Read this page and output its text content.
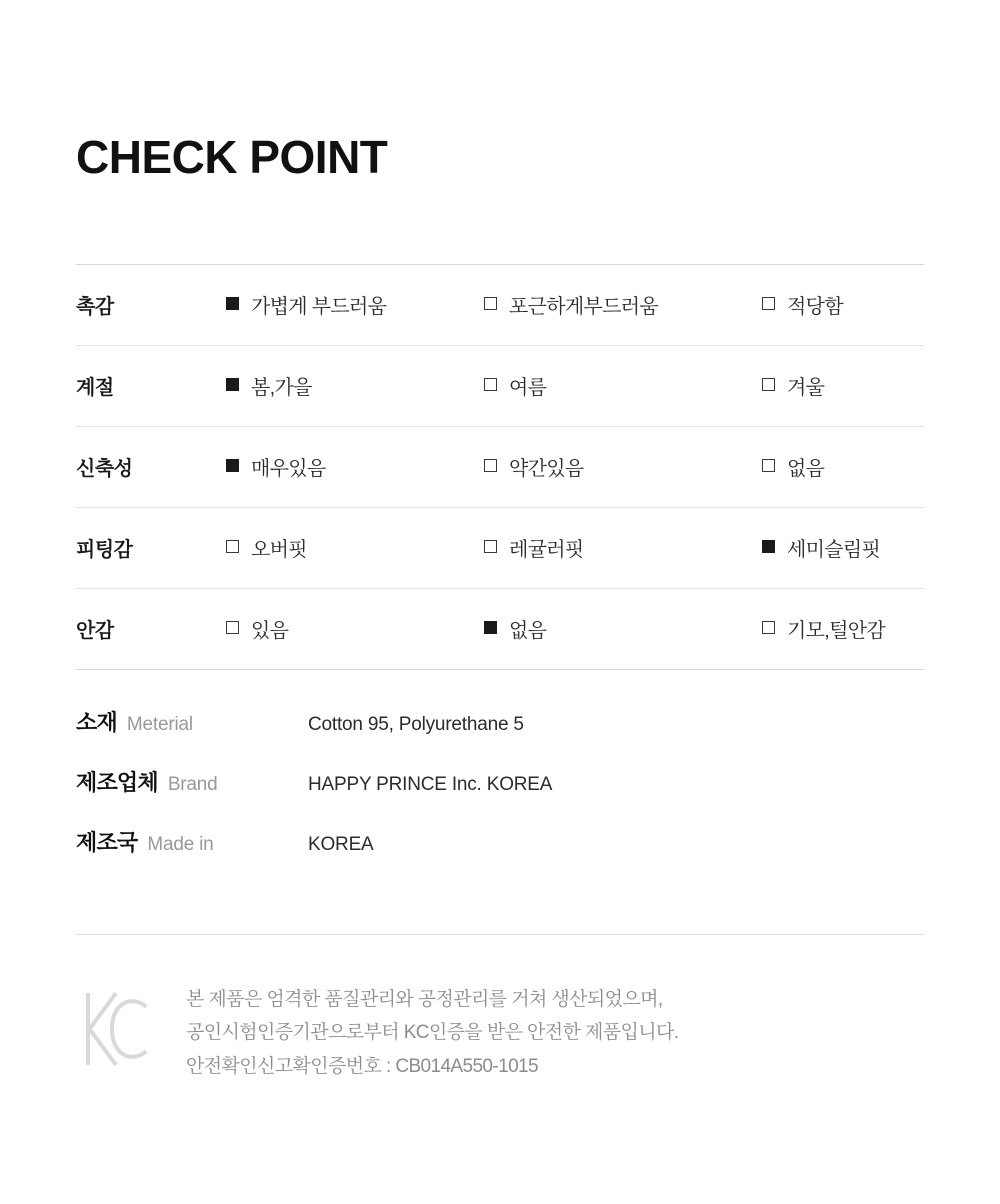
CHECK POINT
촉감	가볍게 부드러움	포근하게부드러움	적당함
계절	봄,가을	여름	겨울
신축성	매우있음	약간있음	없음
피팅감	오버핏	레귤러핏	세미슬림핏
안감	있음	없음	기모,털안감
소재 Meterial	Cotton 95, Polyurethane 5
제조업체 Brand	HAPPY PRINCE Inc. KOREA
제조국 Made in	KOREA
본 제품은 엄격한 품질관리와 공정관리를 거쳐 생산되었으며,
공인시험인증기관으로부터 KC인증을 받은 안전한 제품입니다.
안전확인신고확인증번호 : CB014A550-1015
